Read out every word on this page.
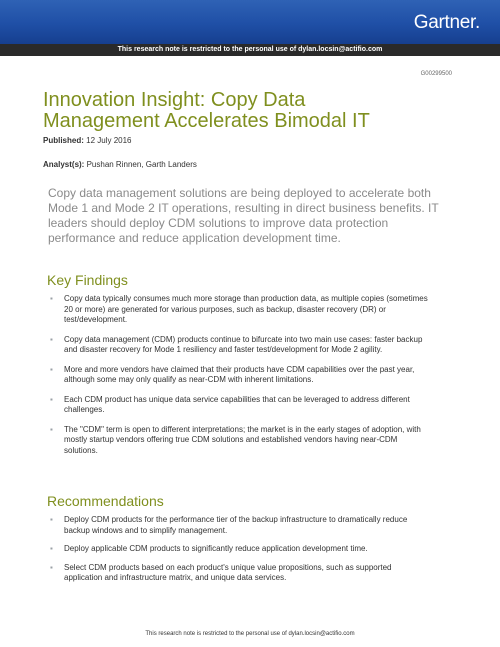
Gartner.
This research note is restricted to the personal use of dylan.locsin@actifio.com
G00299500
Innovation Insight: Copy Data Management Accelerates Bimodal IT
Published: 12 July 2016
Analyst(s): Pushan Rinnen, Garth Landers

Copy data management solutions are being deployed to accelerate both Mode 1 and Mode 2 IT operations, resulting in direct business benefits. IT leaders should deploy CDM solutions to improve data protection performance and reduce application development time.

Key Findings
▪ Copy data typically consumes much more storage than production data, as multiple copies (sometimes 20 or more) are generated for various purposes, such as backup, disaster recovery (DR) or test/development.
▪ Copy data management (CDM) products continue to bifurcate into two main use cases: faster backup and disaster recovery for Mode 1 resiliency and faster test/development for Mode 2 agility.
▪ More and more vendors have claimed that their products have CDM capabilities over the past year, although some may only qualify as near-CDM with inherent limitations.
▪ Each CDM product has unique data service capabilities that can be leveraged to address different challenges.
▪ The "CDM" term is open to different interpretations; the market is in the early stages of adoption, with mostly startup vendors offering true CDM solutions and established vendors having near-CDM solutions.
Recommendations
▪ Deploy CDM products for the performance tier of the backup infrastructure to dramatically reduce backup windows and to simplify management.
▪ Deploy applicable CDM products to significantly reduce application development time.
▪ Select CDM products based on each product's unique value propositions, such as supported application and infrastructure matrix, and unique data services.
This research note is restricted to the personal use of dylan.locsin@actifio.com
